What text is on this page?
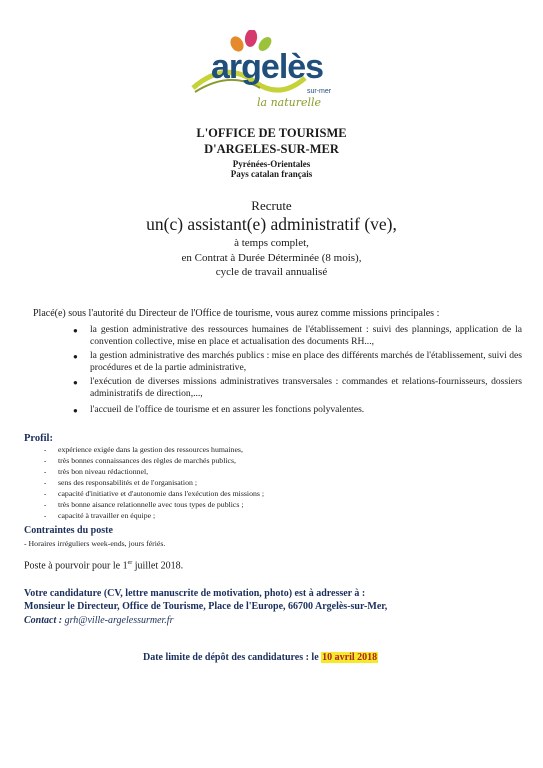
argelès
sur-mer
la naturelle
L'OFFICE DE TOURISME
D'ARGELES-SUR-MER
Pyrénées-Orientales
Pays catalan français
Recrute
un(c) assistant(e) administratif (ve),
à temps complet,
en Contrat à Durée Déterminée (8 mois),
cycle de travail annualisé
Placé(e) sous l'autorité du Directeur de l'Office de tourisme, vous aurez comme missions principales :
● la gestion administrative des ressources humaines de l'établissement : suivi des plannings, application de la convention collective, mise en place et actualisation des documents RH...,
● la gestion administrative des marchés publics : mise en place des différents marchés de l'établissement, suivi des procédures et de la partie administrative,
● l'exécution de diverses missions administratives transversales : commandes et relations-fournisseurs, dossiers administratifs de direction,...,
● l'accueil de l'office de tourisme et en assurer les fonctions polyvalentes.
Profil:
- expérience exigée dans la gestion des ressources humaines,
- très bonnes connaissances des règles de marchés publics,
- très bon niveau rédactionnel,
- sens des responsabilités et de l'organisation ;
- capacité d'initiative et d'autonomie dans l'exécution des missions ;
- très bonne aisance relationnelle avec tous types de publics ;
- capacité à travailler en équipe ;
Contraintes du poste
- Horaires irréguliers week-ends, jours fériés.
Poste à pourvoir pour le 1er juillet 2018.
Votre candidature (CV, lettre manuscrite de motivation, photo) est à adresser à :
Monsieur le Directeur, Office de Tourisme, Place de l'Europe, 66700 Argelès-sur-Mer,
Contact : grh@ville-argelessurmer.fr
Date limite de dépôt des candidatures : le 10 avril 2018
